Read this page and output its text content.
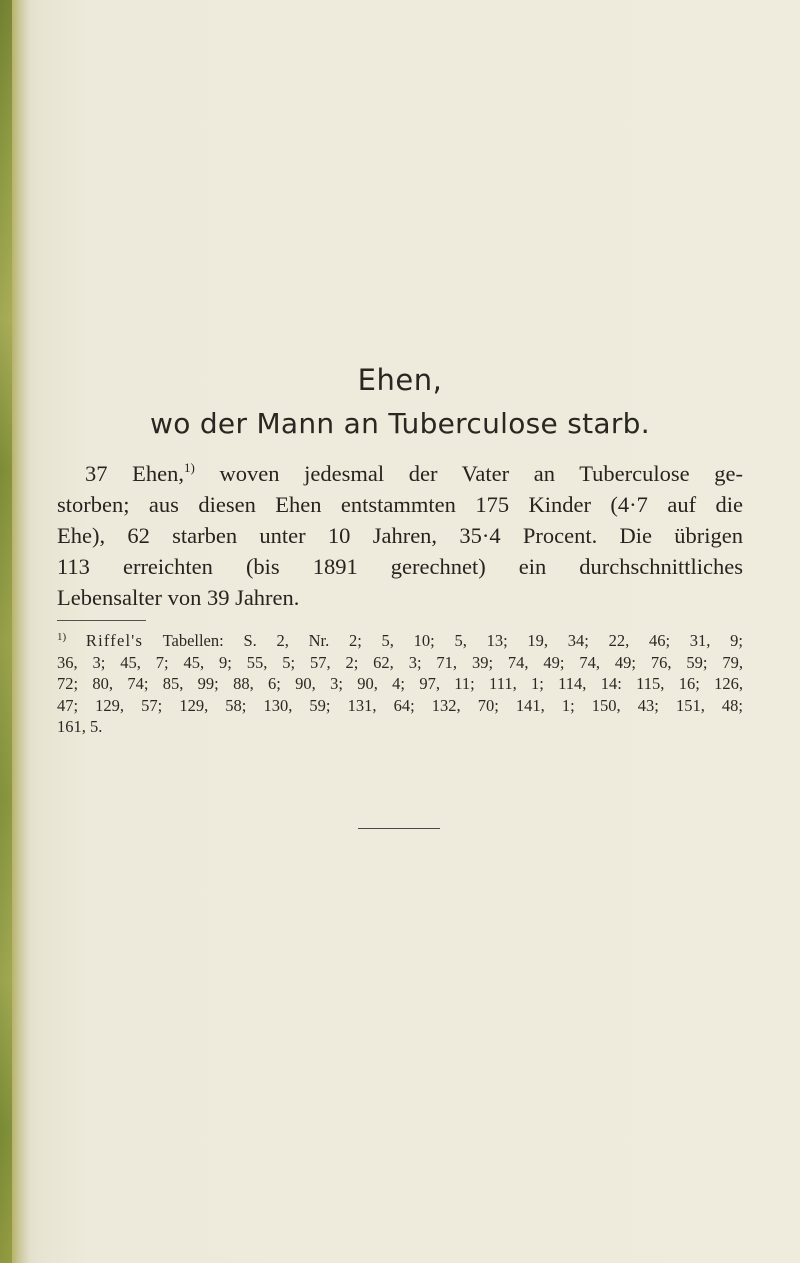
Ehen,
wo der Mann an Tuberculose starb.
37 Ehen,$^{1)}$ woven jedesmal der Vater an Tuberculose ge-
storben; aus diesen Ehen entstammten 175 Kinder (4·7 auf die
Ehe), 62 starben unter 10 Jahren, 35·4 Procent. Die übrigen
113 erreichten (bis 1891 gerechnet) ein durchschnittliches
Lebensalter von 39 Jahren.
$^{1)}$ Riffel's Tabellen: S. 2, Nr. 2; 5, 10; 5, 13; 19, 34; 22, 46; 31, 9;
36, 3; 45, 7; 45, 9; 55, 5; 57, 2; 62, 3; 71, 39; 74, 49; 74, 49; 76, 59; 79,
72; 80, 74; 85, 99; 88, 6; 90, 3; 90, 4; 97, 11; 111, 1; 114, 14: 115, 16; 126,
47; 129, 57; 129, 58; 130, 59; 131, 64; 132, 70; 141, 1; 150, 43; 151, 48;
161, 5.
